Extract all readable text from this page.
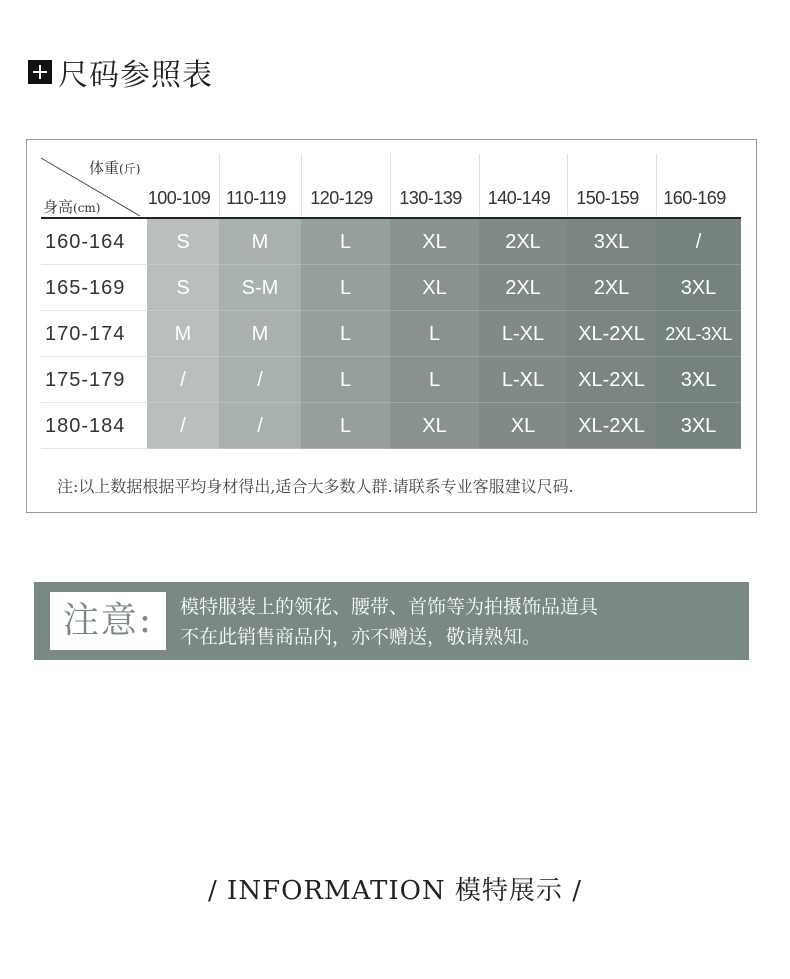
尺码参照表
体重(斤)
身高(cm)
注:以上数据根据平均身材得出,适合大多数人群.请联系专业客服建议尺码.
100-109 110-119	120-129	130-139	140-149	150-159	160-169
160-164	S	M	L	XL	2XL	3XL	/
165-169	S	S-M	L	XL	2XL	2XL	3XL
170-174	M	M	L	L	L-XL	XL-2XL	2XL-3XL
175-179	/	/	L	L	L-XL	XL-2XL	3XL
180-184	/	/	L	XL	XL	XL-2XL	3XL
注意:	模特服装上的领花、腰带、首饰等为拍摄饰品道具
不在此销售商品内，亦不赠送，敬请熟知。
/ INFORMATION 模特展示 /
